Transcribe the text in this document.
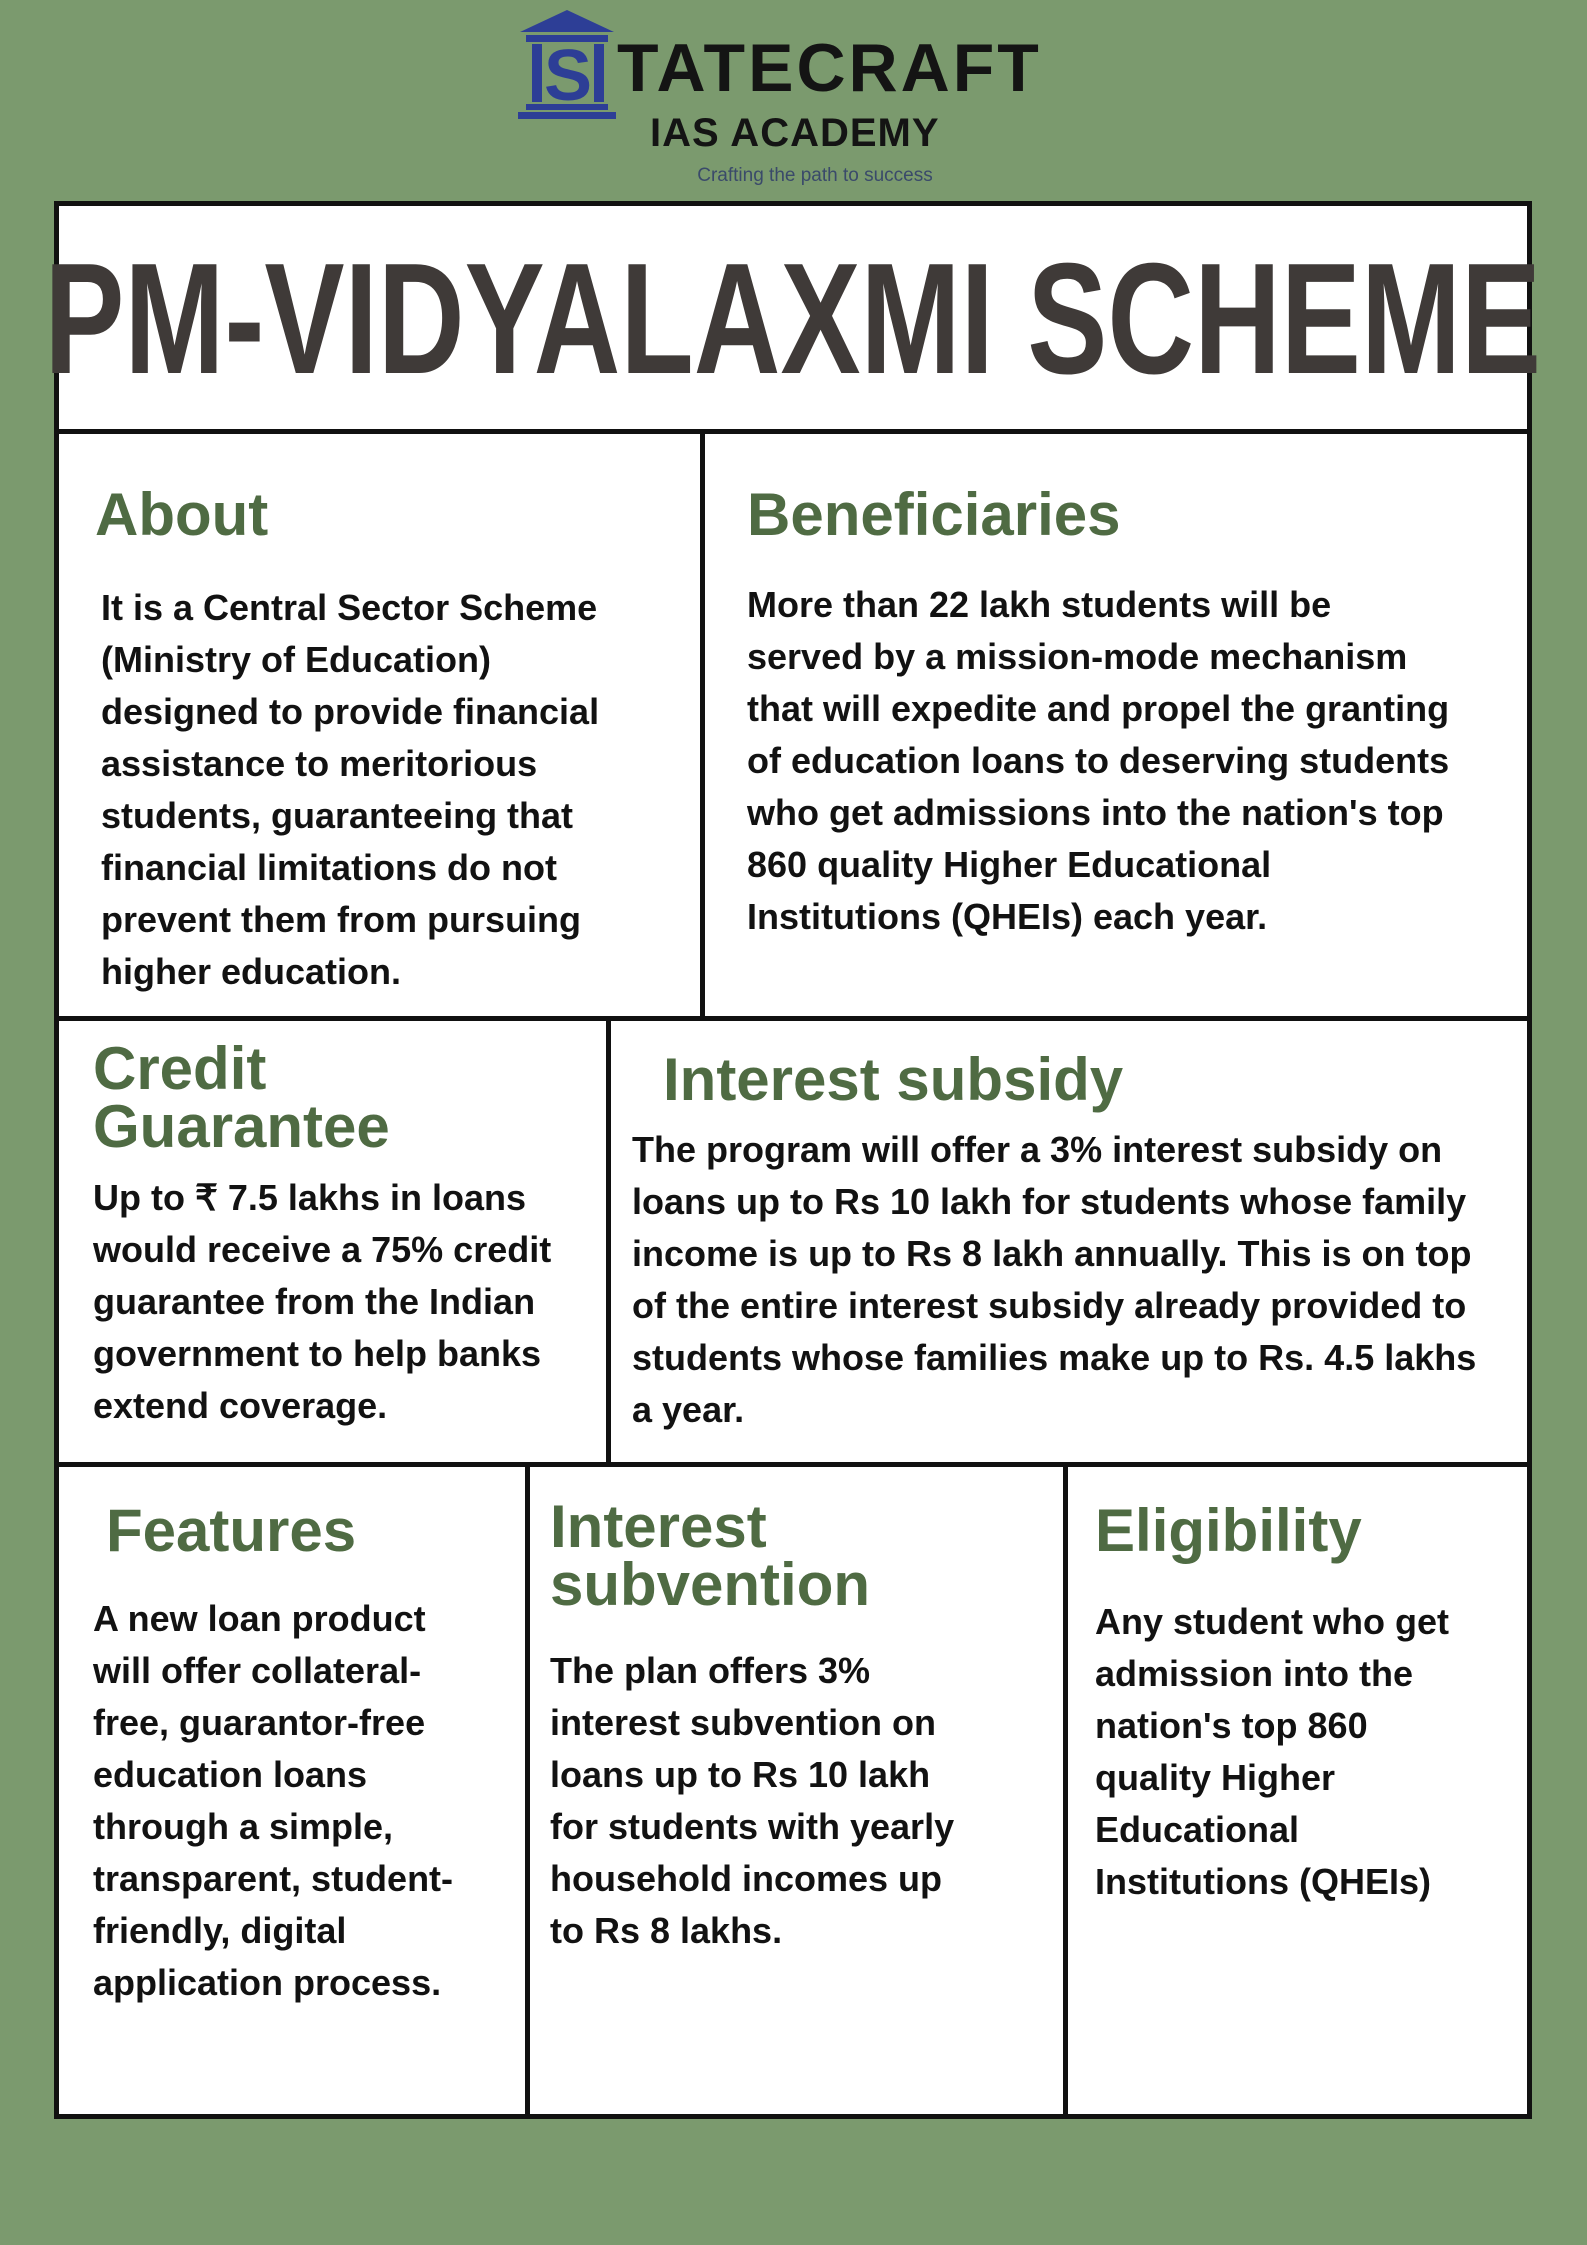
S TATECRAFT
IAS ACADEMY
Crafting the path to success
PM-VIDYALAXMI SCHEME
About
It is a Central Sector Scheme
(Ministry of Education)
designed to provide financial
assistance to meritorious
students, guaranteeing that
financial limitations do not
prevent them from pursuing
higher education.
Beneficiaries
More than 22 lakh students will be
served by a mission-mode mechanism
that will expedite and propel the granting
of education loans to deserving students
who get admissions into the nation's top
860 quality Higher Educational
Institutions (QHEIs) each year.
Credit
Guarantee
Up to ₹ 7.5 lakhs in loans
would receive a 75% credit
guarantee from the Indian
government to help banks
extend coverage.
Interest subsidy
The program will offer a 3% interest subsidy on
loans up to Rs 10 lakh for students whose family
income is up to Rs 8 lakh annually. This is on top
of the entire interest subsidy already provided to
students whose families make up to Rs. 4.5 lakhs
a year.
Features
A new loan product
will offer collateral-
free, guarantor-free
education loans
through a simple,
transparent, student-
friendly, digital
application process.
Interest
subvention
The plan offers 3%
interest subvention on
loans up to Rs 10 lakh
for students with yearly
household incomes up
to Rs 8 lakhs.
Eligibility
Any student who get
admission into the
nation's top 860
quality Higher
Educational
Institutions (QHEIs)
